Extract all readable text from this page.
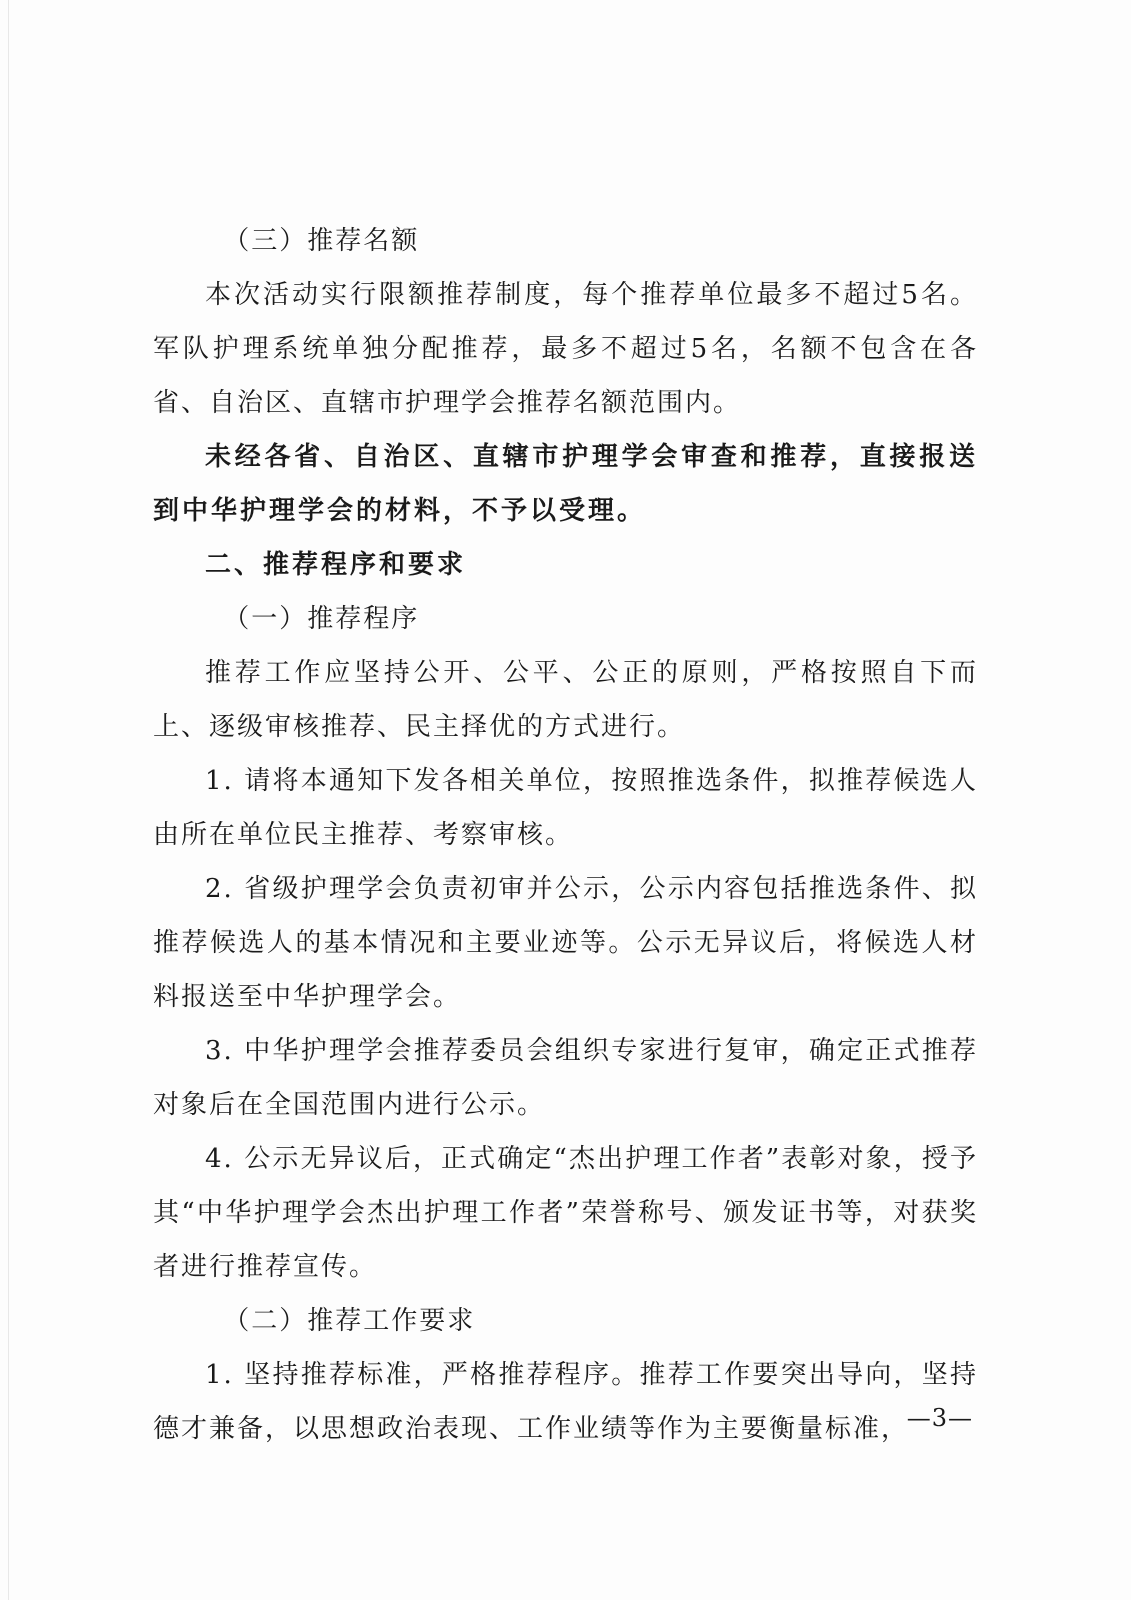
（三）推荐名额

本次活动实行限额推荐制度，每个推荐单位最多不超过5名。军队护理系统单独分配推荐，最多不超过5名，名额不包含在各省、自治区、直辖市护理学会推荐名额范围内。

未经各省、自治区、直辖市护理学会审查和推荐，直接报送到中华护理学会的材料，不予以受理。

二、推荐程序和要求

（一）推荐程序

推荐工作应坚持公开、公平、公正的原则，严格按照自下而上、逐级审核推荐、民主择优的方式进行。

1. 请将本通知下发各相关单位，按照推选条件，拟推荐候选人由所在单位民主推荐、考察审核。

2. 省级护理学会负责初审并公示，公示内容包括推选条件、拟推荐候选人的基本情况和主要业迹等。公示无异议后，将候选人材料报送至中华护理学会。

3. 中华护理学会推荐委员会组织专家进行复审，确定正式推荐对象后在全国范围内进行公示。

4. 公示无异议后，正式确定“杰出护理工作者”表彰对象，授予其“中华护理学会杰出护理工作者”荣誉称号、颁发证书等，对获奖者进行推荐宣传。

（二）推荐工作要求

1. 坚持推荐标准，严格推荐程序。推荐工作要突出导向，坚持德才兼备，以思想政治表现、工作业绩等作为主要衡量标准，

—3—
